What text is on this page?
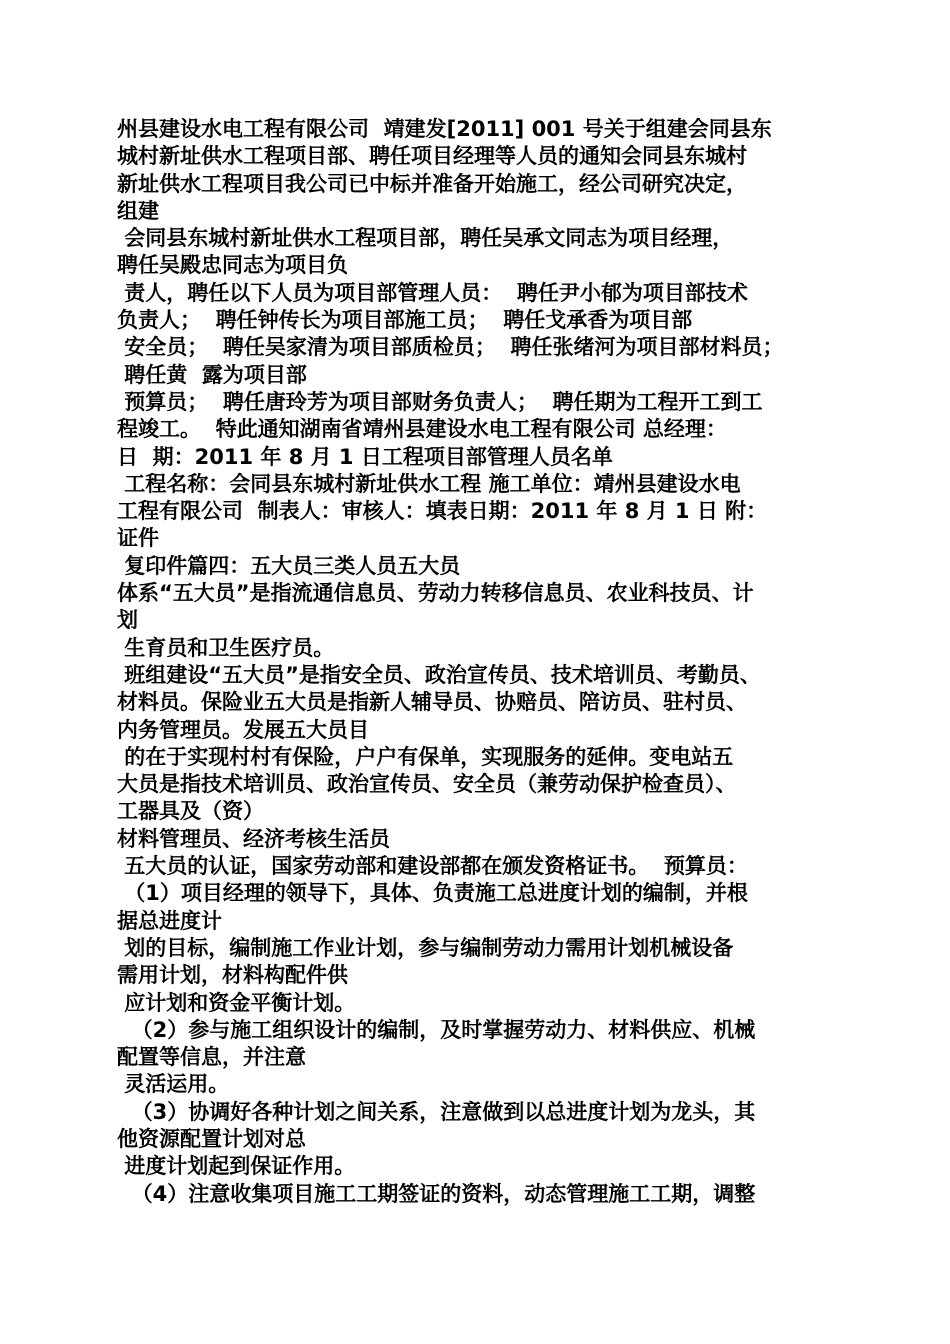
州县建设水电工程有限公司  靖建发[2011] 001 号关于组建会同县东
城村新址供水工程项目部、聘任项目经理等人员的通知会同县东城村
新址供水工程项目我公司已中标并准备开始施工，经公司研究决定，
组建
会同县东城村新址供水工程项目部，聘任吴承文同志为项目经理，
聘任吴殿忠同志为项目负
责人，聘任以下人员为项目部管理人员：  聘任尹小郁为项目部技术
负责人；  聘任钟传长为项目部施工员；  聘任戈承香为项目部
安全员；  聘任吴家清为项目部质检员；  聘任张绪河为项目部材料员；
聘任黄  露为项目部
预算员；  聘任唐玲芳为项目部财务负责人；  聘任期为工程开工到工
程竣工。  特此通知湖南省靖州县建设水电工程有限公司 总经理：
日  期：2011 年 8 月 1 日工程项目部管理人员名单
工程名称：会同县东城村新址供水工程 施工单位：靖州县建设水电
工程有限公司  制表人：审核人：填表日期：2011 年 8 月 1 日 附：
证件
复印件篇四：五大员三类人员五大员
体系“五大员”是指流通信息员、劳动力转移信息员、农业科技员、计
划
生育员和卫生医疗员。
班组建设“五大员”是指安全员、政治宣传员、技术培训员、考勤员、
材料员。保险业五大员是指新人辅导员、协赔员、陪访员、驻村员、
内务管理员。发展五大员目
的在于实现村村有保险，户户有保单，实现服务的延伸。变电站五
大员是指技术培训员、政治宣传员、安全员（兼劳动保护检查员）、
工器具及（资）
材料管理员、经济考核生活员
五大员的认证，国家劳动部和建设部都在颁发资格证书。  预算员：
（1）项目经理的领导下，具体、负责施工总进度计划的编制，并根
据总进度计
划的目标，编制施工作业计划，参与编制劳动力需用计划机械设备
需用计划，材料构配件供
应计划和资金平衡计划。
（2）参与施工组织设计的编制，及时掌握劳动力、材料供应、机械
配置等信息，并注意
灵活运用。
（3）协调好各种计划之间关系，注意做到以总进度计划为龙头，其
他资源配置计划对总
进度计划起到保证作用。
（4）注意收集项目施工工期签证的资料，动态管理施工工期，调整
